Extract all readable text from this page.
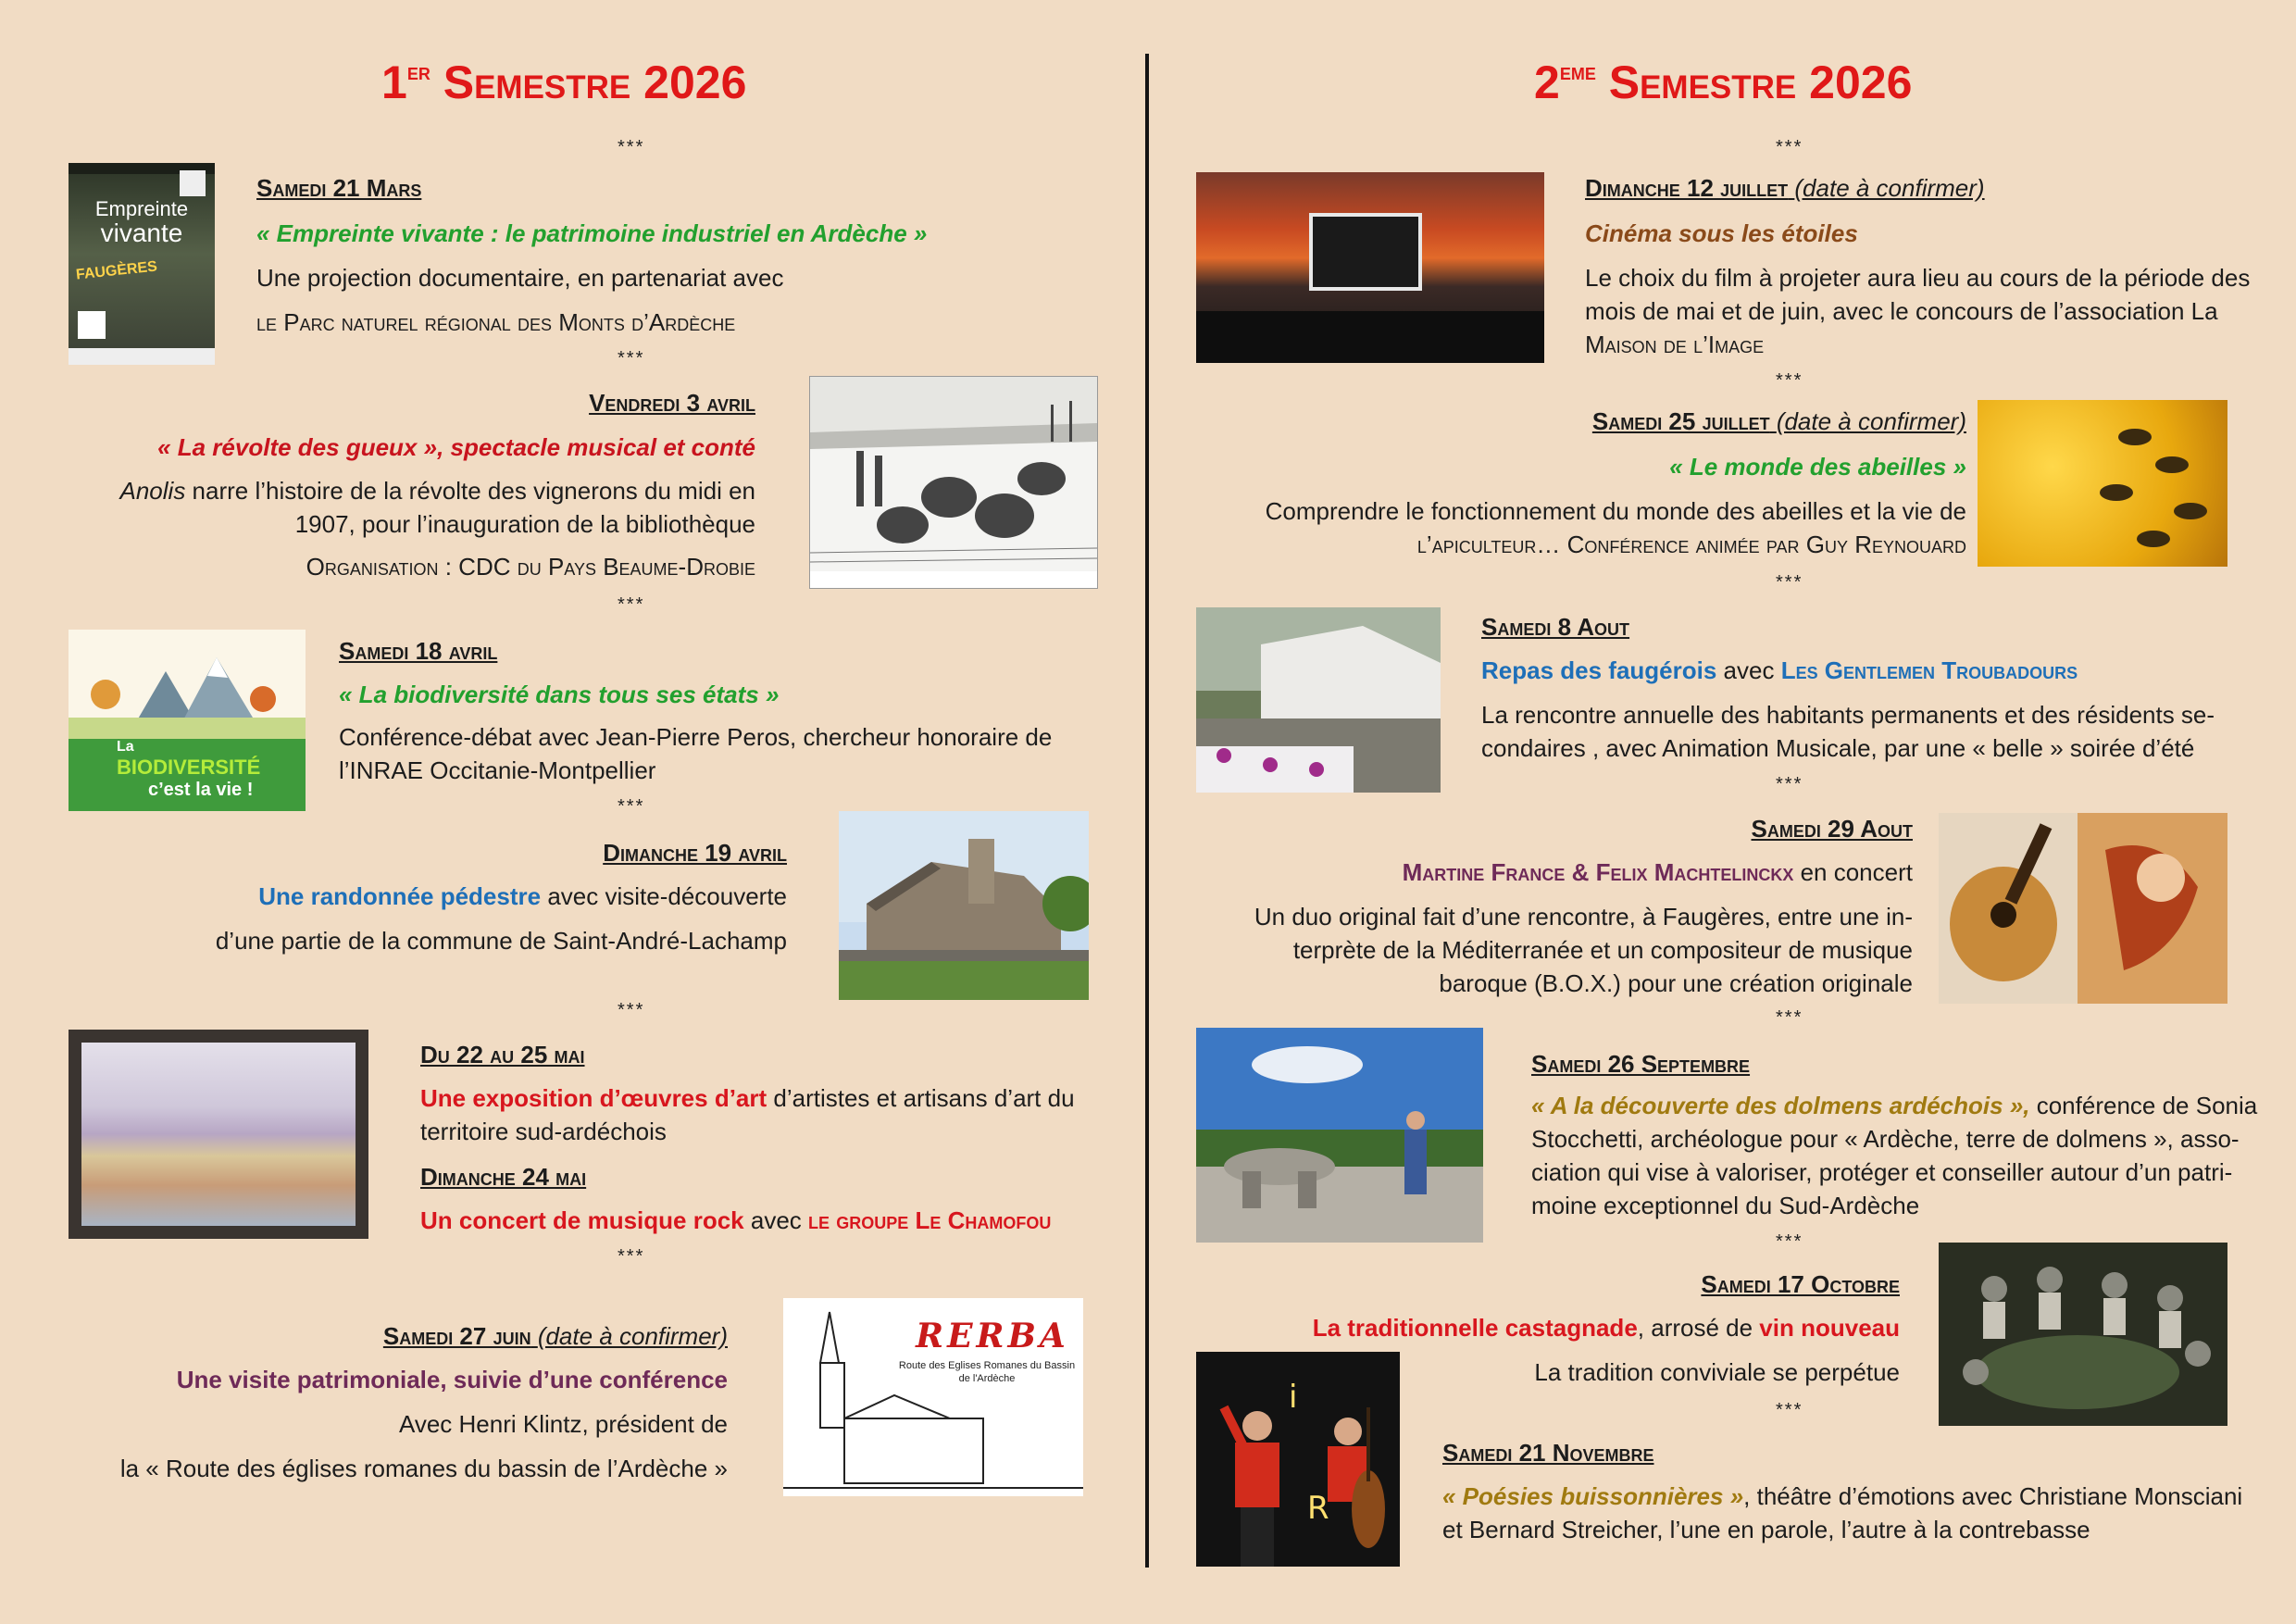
1er Semestre 2026
***
Empreinte
vivante
FAUGÈRES
Samedi 21 Mars
« Empreinte vivante : le patrimoine industriel en Ardèche »
Une projection documentaire, en partenariat avec
le Parc naturel régional des Monts d’Ardèche
***
Vendredi 3 avril
« La révolte des gueux », spectacle musical et conté
Anolis narre l’histoire de la révolte des vignerons du midi en
1907, pour l’inauguration de la bibliothèque
Organisation : CDC du Pays Beaume-Drobie
***
La
BIODIVERSITÉ
c’est la vie !
Samedi 18 avril
« La biodiversité dans tous ses états »
Conférence-débat avec Jean-Pierre Peros, chercheur honoraire de
l’INRAE Occitanie-Montpellier
***
Dimanche 19 avril
Une randonnée pédestre avec visite-découverte
d’une partie de la commune de Saint-André-Lachamp
***
Du 22 au 25 mai
Une exposition d’œuvres d’art d’artistes et artisans d’art du
territoire sud-ardéchois
Dimanche 24 mai
Un concert de musique rock avec le groupe Le Chamofou
***
Samedi 27 juin (date à confirmer)
Une visite patrimoniale, suivie d’une conférence
Avec Henri Klintz, président de
la « Route des églises romanes du bassin de l’Ardèche »
RERBA
Route des Eglises Romanes du Bassin de l'Ardèche
2eme Semestre 2026
***
Dimanche 12 juillet (date à confirmer)
Cinéma sous les étoiles
Le choix du film à projeter aura lieu au cours de la période des
mois de mai et de juin, avec le concours de l’association La
Maison de l’Image
***
Samedi 25 juillet (date à confirmer)
« Le monde des abeilles »
Comprendre le fonctionnement du monde des abeilles et la vie de
l’apiculteur… Conférence animée par Guy Reynouard
***
Samedi 8 Aout
Repas des faugérois avec Les Gentlemen Troubadours
La rencontre annuelle des habitants permanents et des résidents se-
condaires , avec Animation Musicale, par une « belle » soirée d’été
***
Samedi 29 Aout
Martine France & Felix Machtelinckx en concert
Un duo original fait d’une rencontre, à Faugères, entre une in-
terprète de la Méditerranée et un compositeur de musique
baroque (B.O.X.) pour une création originale
***
Samedi 26 Septembre
« A la découverte des dolmens ardéchois », conférence de Sonia
Stocchetti, archéologue pour « Ardèche, terre de dolmens », asso-
ciation qui vise à valoriser, protéger et conseiller autour d’un patri-
moine exceptionnel du Sud-Ardèche
***
Samedi 17 Octobre
La traditionnelle castagnade, arrosé de vin nouveau
La tradition conviviale se perpétue
***
i
R
Samedi 21 Novembre
« Poésies buissonnières », théâtre d’émotions avec Christiane Monsciani
et Bernard Streicher, l’une en parole, l’autre à la contrebasse
